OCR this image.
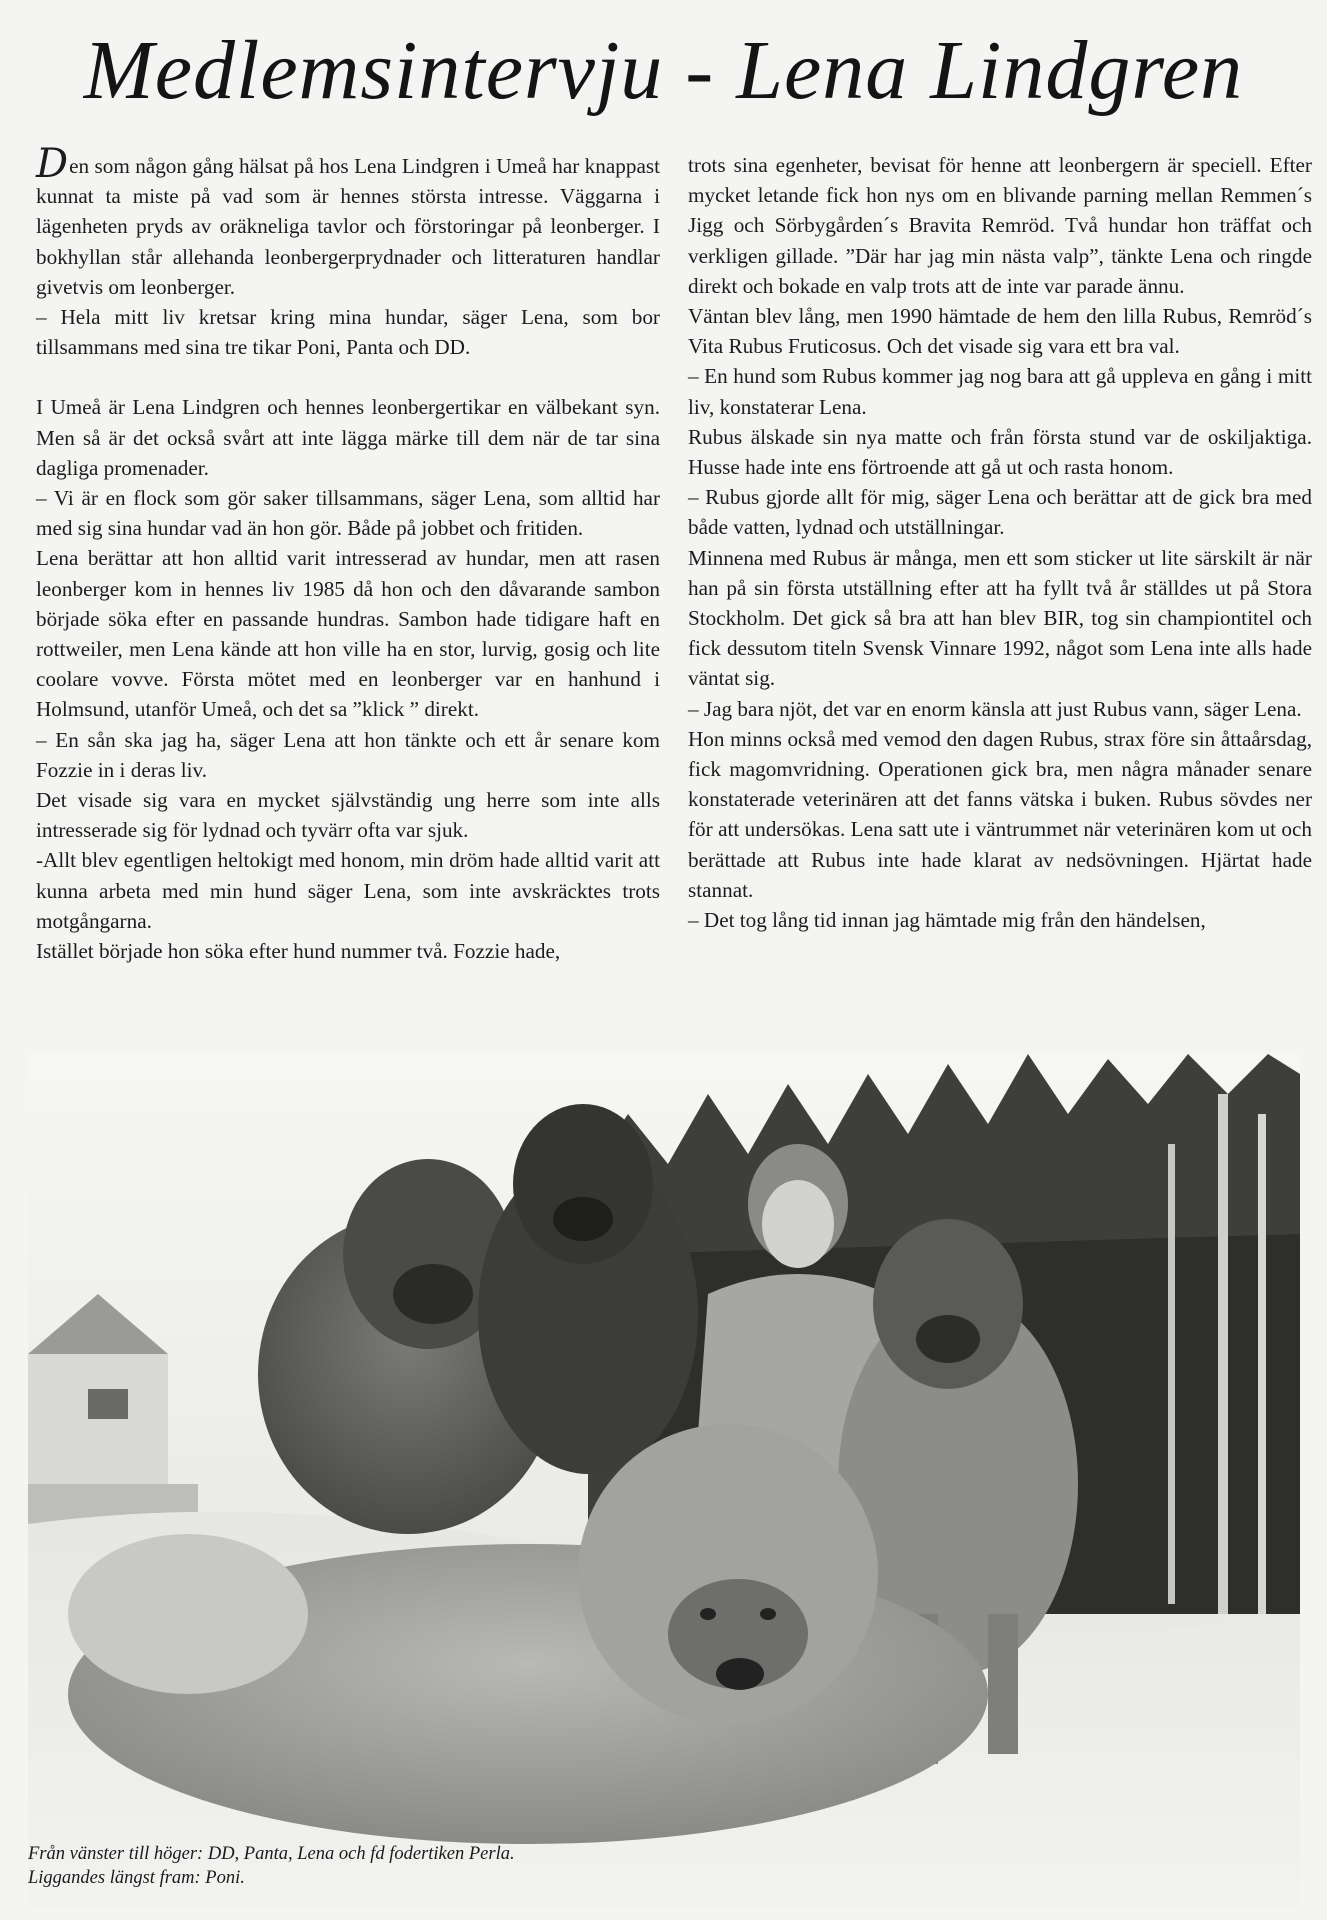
Medlemsintervju - Lena Lindgren

Den som någon gång hälsat på hos Lena Lindgren i Umeå har knappast kunnat ta miste på vad som är hennes största intresse. Väggarna i lägenheten pryds av oräkneliga tavlor och förstoringar på leonberger. I bokhyllan står allehanda leonbergerprydnader och litteraturen handlar givetvis om leonberger.

– Hela mitt liv kretsar kring mina hundar, säger Lena, som bor tillsammans med sina tre tikar Poni, Panta och DD.

I Umeå är Lena Lindgren och hennes leonbergertikar en välbekant syn. Men så är det också svårt att inte lägga märke till dem när de tar sina dagliga promenader.

– Vi är en flock som gör saker tillsammans, säger Lena, som alltid har med sig sina hundar vad än hon gör. Både på jobbet och fritiden.

Lena berättar att hon alltid varit intresserad av hundar, men att rasen leonberger kom in hennes liv 1985 då hon och den dåvarande sambon började söka efter en passande hundras. Sambon hade tidigare haft en rottweiler, men Lena kände att hon ville ha en stor, lurvig, gosig och lite coolare vovve. Första mötet med en leonberger var en hanhund i Holmsund, utanför Umeå, och det sa ”klick ” direkt.

– En sån ska jag ha, säger Lena att hon tänkte och ett år senare kom Fozzie in i deras liv.

Det visade sig vara en mycket självständig ung herre som inte alls intresserade sig för lydnad och tyvärr ofta var sjuk.

-Allt blev egentligen heltokigt med honom, min dröm hade alltid varit att kunna arbeta med min hund säger Lena, som inte avskräcktes trots motgångarna.

Istället började hon söka efter hund nummer två. Fozzie hade,

trots sina egenheter, bevisat för henne att leonbergern är speciell. Efter mycket letande fick hon nys om en blivande parning mellan Remmen´s Jigg och Sörbygården´s Bravita Remröd. Två hundar hon träffat och verkligen gillade. ”Där har jag min nästa valp”, tänkte Lena och ringde direkt och bokade en valp trots att de inte var parade ännu.

Väntan blev lång, men 1990 hämtade de hem den lilla Rubus, Remröd´s Vita Rubus Fruticosus. Och det visade sig vara ett bra val.

– En hund som Rubus kommer jag nog bara att gå uppleva en gång i mitt liv, konstaterar Lena.

Rubus älskade sin nya matte och från första stund var de oskiljaktiga. Husse hade inte ens förtroende att gå ut och rasta honom.

– Rubus gjorde allt för mig, säger Lena och berättar att de gick bra med både vatten, lydnad och utställningar.

Minnena med Rubus är många, men ett som sticker ut lite särskilt är när han på sin första utställning efter att ha fyllt två år ställdes ut på Stora Stockholm. Det gick så bra att han blev BIR, tog sin championtitel och fick dessutom titeln Svensk Vinnare 1992, något som Lena inte alls hade väntat sig.

– Jag bara njöt, det var en enorm känsla att just Rubus vann, säger Lena.

Hon minns också med vemod den dagen Rubus, strax före sin åttaårsdag, fick magomvridning. Operationen gick bra, men några månader senare konstaterade veterinären att det fanns vätska i buken. Rubus sövdes ner för att undersökas. Lena satt ute i väntrummet när veterinären kom ut och berättade att Rubus inte hade klarat av nedsövningen. Hjärtat hade stannat.

– Det tog lång tid innan jag hämtade mig från den händelsen,

Från vänster till höger: DD, Panta, Lena och fd fodertiken Perla.

Liggandes längst fram: Poni.
